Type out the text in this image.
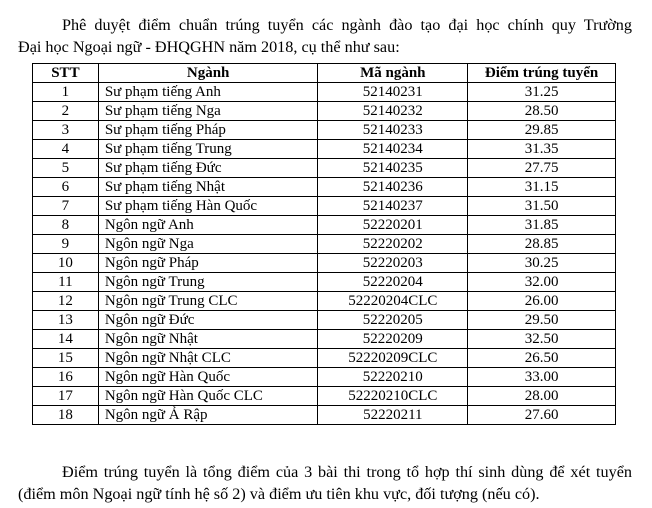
Phê duyệt điểm chuẩn trúng tuyển các ngành đào tạo đại học chính quy Trường

Đại học Ngoại ngữ - ĐHQGHN năm 2018, cụ thể như sau:

STT	Ngành	Mã ngành	Điểm trúng tuyển
1	Sư phạm tiếng Anh	52140231	31.25
2	Sư phạm tiếng Nga	52140232	28.50
3	Sư phạm tiếng Pháp	52140233	29.85
4	Sư phạm tiếng Trung	52140234	31.35
5	Sư phạm tiếng Đức	52140235	27.75
6	Sư phạm tiếng Nhật	52140236	31.15
7	Sư phạm tiếng Hàn Quốc	52140237	31.50
8	Ngôn ngữ Anh	52220201	31.85
9	Ngôn ngữ Nga	52220202	28.85
10	Ngôn ngữ Pháp	52220203	30.25
11	Ngôn ngữ Trung	52220204	32.00
12	Ngôn ngữ Trung CLC	52220204CLC	26.00
13	Ngôn ngữ Đức	52220205	29.50
14	Ngôn ngữ Nhật	52220209	32.50
15	Ngôn ngữ Nhật CLC	52220209CLC	26.50
16	Ngôn ngữ Hàn Quốc	52220210	33.00
17	Ngôn ngữ Hàn Quốc CLC	52220210CLC	28.00
18	Ngôn ngữ Ả Rập	52220211	27.60

Điểm trúng tuyển là tổng điểm của 3 bài thi trong tổ hợp thí sinh dùng để xét tuyển (điểm môn Ngoại ngữ tính hệ số 2) và điểm ưu tiên khu vực, đối tượng (nếu có).
